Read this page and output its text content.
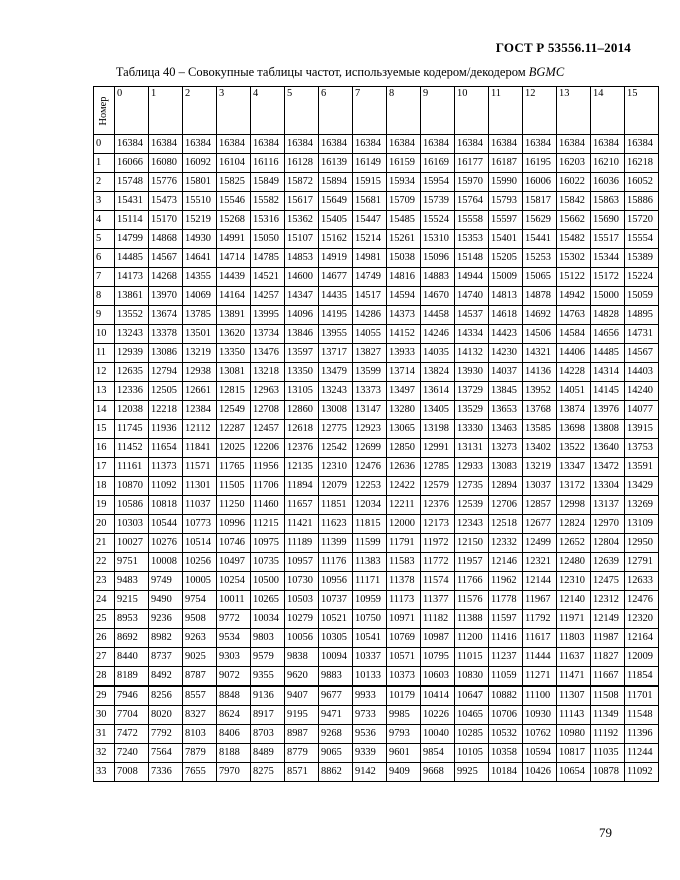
ГОСТ Р 53556.11–2014
Таблица 40 – Совокупные таблицы частот, используемые кодером/декодером BGMC
Номер	0	1	2	3	4	5	6	7	8	9	10	11	12	13	14	15
0	16384	16384	16384	16384	16384	16384	16384	16384	16384	16384	16384	16384	16384	16384	16384	16384
1	16066	16080	16092	16104	16116	16128	16139	16149	16159	16169	16177	16187	16195	16203	16210	16218
2	15748	15776	15801	15825	15849	15872	15894	15915	15934	15954	15970	15990	16006	16022	16036	16052
3	15431	15473	15510	15546	15582	15617	15649	15681	15709	15739	15764	15793	15817	15842	15863	15886
4	15114	15170	15219	15268	15316	15362	15405	15447	15485	15524	15558	15597	15629	15662	15690	15720
5	14799	14868	14930	14991	15050	15107	15162	15214	15261	15310	15353	15401	15441	15482	15517	15554
6	14485	14567	14641	14714	14785	14853	14919	14981	15038	15096	15148	15205	15253	15302	15344	15389
7	14173	14268	14355	14439	14521	14600	14677	14749	14816	14883	14944	15009	15065	15122	15172	15224
8	13861	13970	14069	14164	14257	14347	14435	14517	14594	14670	14740	14813	14878	14942	15000	15059
9	13552	13674	13785	13891	13995	14096	14195	14286	14373	14458	14537	14618	14692	14763	14828	14895
10	13243	13378	13501	13620	13734	13846	13955	14055	14152	14246	14334	14423	14506	14584	14656	14731
11	12939	13086	13219	13350	13476	13597	13717	13827	13933	14035	14132	14230	14321	14406	14485	14567
12	12635	12794	12938	13081	13218	13350	13479	13599	13714	13824	13930	14037	14136	14228	14314	14403
13	12336	12505	12661	12815	12963	13105	13243	13373	13497	13614	13729	13845	13952	14051	14145	14240
14	12038	12218	12384	12549	12708	12860	13008	13147	13280	13405	13529	13653	13768	13874	13976	14077
15	11745	11936	12112	12287	12457	12618	12775	12923	13065	13198	13330	13463	13585	13698	13808	13915
16	11452	11654	11841	12025	12206	12376	12542	12699	12850	12991	13131	13273	13402	13522	13640	13753
17	11161	11373	11571	11765	11956	12135	12310	12476	12636	12785	12933	13083	13219	13347	13472	13591
18	10870	11092	11301	11505	11706	11894	12079	12253	12422	12579	12735	12894	13037	13172	13304	13429
19	10586	10818	11037	11250	11460	11657	11851	12034	12211	12376	12539	12706	12857	12998	13137	13269
20	10303	10544	10773	10996	11215	11421	11623	11815	12000	12173	12343	12518	12677	12824	12970	13109
21	10027	10276	10514	10746	10975	11189	11399	11599	11791	11972	12150	12332	12499	12652	12804	12950
22	9751	10008	10256	10497	10735	10957	11176	11383	11583	11772	11957	12146	12321	12480	12639	12791
23	9483	9749	10005	10254	10500	10730	10956	11171	11378	11574	11766	11962	12144	12310	12475	12633
24	9215	9490	9754	10011	10265	10503	10737	10959	11173	11377	11576	11778	11967	12140	12312	12476
25	8953	9236	9508	9772	10034	10279	10521	10750	10971	11182	11388	11597	11792	11971	12149	12320
26	8692	8982	9263	9534	9803	10056	10305	10541	10769	10987	11200	11416	11617	11803	11987	12164
27	8440	8737	9025	9303	9579	9838	10094	10337	10571	10795	11015	11237	11444	11637	11827	12009
28	8189	8492	8787	9072	9355	9620	9883	10133	10373	10603	10830	11059	11271	11471	11667	11854
29	7946	8256	8557	8848	9136	9407	9677	9933	10179	10414	10647	10882	11100	11307	11508	11701
30	7704	8020	8327	8624	8917	9195	9471	9733	9985	10226	10465	10706	10930	11143	11349	11548
31	7472	7792	8103	8406	8703	8987	9268	9536	9793	10040	10285	10532	10762	10980	11192	11396
32	7240	7564	7879	8188	8489	8779	9065	9339	9601	9854	10105	10358	10594	10817	11035	11244
33	7008	7336	7655	7970	8275	8571	8862	9142	9409	9668	9925	10184	10426	10654	10878	11092
79
